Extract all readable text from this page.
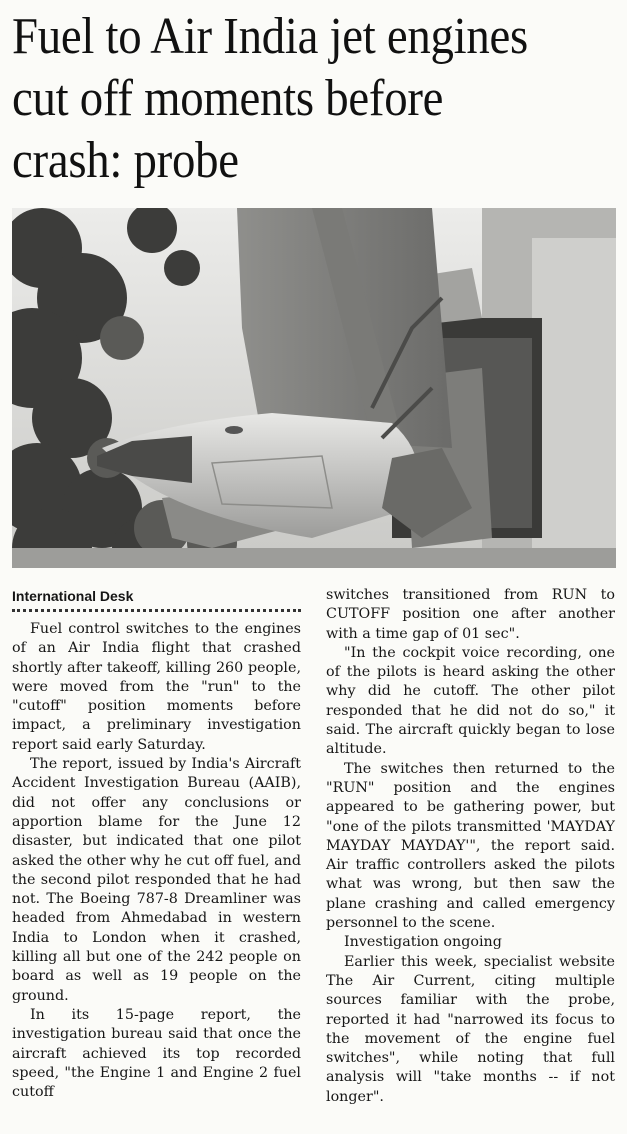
Fuel to Air India jet engines cut off moments before crash: probe

International Desk

Fuel control switches to the engines of an Air India flight that crashed shortly after takeoff, killing 260 people, were moved from the "run" to the "cutoff" position moments before impact, a preliminary investigation report said early Saturday.

The report, issued by India's Aircraft Accident Investigation Bureau (AAIB), did not offer any conclusions or apportion blame for the June 12 disaster, but indicated that one pilot asked the other why he cut off fuel, and the second pilot responded that he had not. The Boeing 787-8 Dreamliner was headed from Ahmedabad in western India to London when it crashed, killing all but one of the 242 people on board as well as 19 people on the ground.

In its 15-page report, the investigation bureau said that once the aircraft achieved its top recorded speed, "the Engine 1 and Engine 2 fuel cutoff

switches transitioned from RUN to CUTOFF position one after another with a time gap of 01 sec".

"In the cockpit voice recording, one of the pilots is heard asking the other why did he cutoff. The other pilot responded that he did not do so," it said. The aircraft quickly began to lose altitude.

The switches then returned to the "RUN" position and the engines appeared to be gathering power, but "one of the pilots transmitted 'MAYDAY MAYDAY MAYDAY'", the report said. Air traffic controllers asked the pilots what was wrong, but then saw the plane crashing and called emergency personnel to the scene.

Investigation ongoing

Earlier this week, specialist website The Air Current, citing multiple sources familiar with the probe, reported it had "narrowed its focus to the movement of the engine fuel switches", while noting that full analysis will "take months -- if not longer".
